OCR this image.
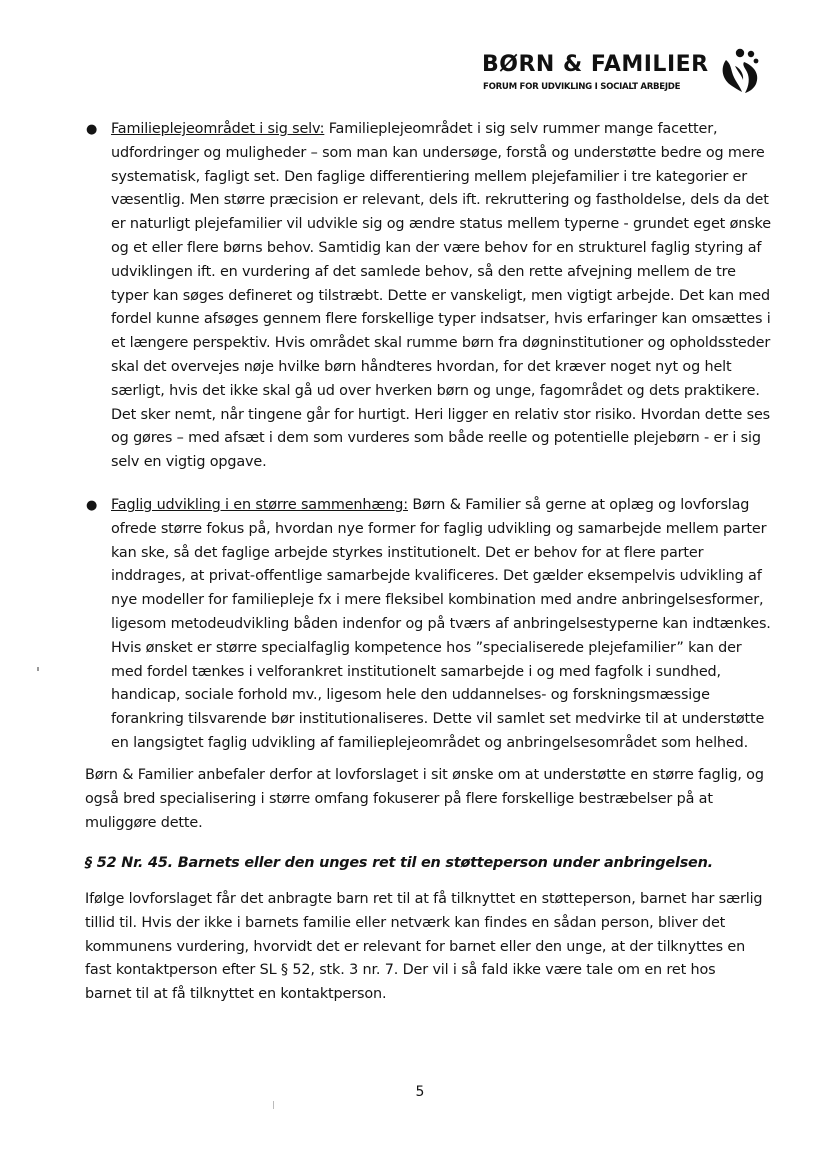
BØRN & FAMILIER
FORUM FOR UDVIKLING I SOCIALT ARBEJDE
● Familieplejeområdet i sig selv: Familieplejeområdet i sig selv rummer mange facetter, udfordringer og muligheder – som man kan undersøge, forstå og understøtte bedre og mere systematisk, fagligt set. Den faglige differentiering mellem plejefamilier i tre kategorier er væsentlig. Men større præcision er relevant, dels ift. rekruttering og fastholdelse, dels da det er naturligt plejefamilier vil udvikle sig og ændre status mellem typerne - grundet eget ønske og et eller flere børns behov. Samtidig kan der være behov for en strukturel faglig styring af udviklingen ift. en vurdering af det samlede behov, så den rette afvejning mellem de tre typer kan søges defineret og tilstræbt. Dette er vanskeligt, men vigtigt arbejde. Det kan med fordel kunne afsøges gennem flere forskellige typer indsatser, hvis erfaringer kan omsættes i et længere perspektiv. Hvis området skal rumme børn fra døgninstitutioner og opholdssteder skal det overvejes nøje hvilke børn håndteres hvordan, for det kræver noget nyt og helt særligt, hvis det ikke skal gå ud over hverken børn og unge, fagområdet og dets praktikere. Det sker nemt, når tingene går for hurtigt. Heri ligger en relativ stor risiko. Hvordan dette ses og gøres – med afsæt i dem som vurderes som både reelle og potentielle plejebørn - er i sig selv en vigtig opgave.
● Faglig udvikling i en større sammenhæng: Børn & Familier så gerne at oplæg og lovforslag ofrede større fokus på, hvordan nye former for faglig udvikling og samarbejde mellem parter kan ske, så det faglige arbejde styrkes institutionelt. Det er behov for at flere parter inddrages, at privat-offentlige samarbejde kvalificeres. Det gælder eksempelvis udvikling af nye modeller for familiepleje fx i mere fleksibel kombination med andre anbringelsesformer, ligesom metodeudvikling båden indenfor og på tværs af anbringelsestyperne kan indtænkes.
Hvis ønsket er større specialfaglig kompetence hos ”specialiserede plejefamilier” kan der med fordel tænkes i velforankret institutionelt samarbejde i og med fagfolk i sundhed, handicap, sociale forhold mv., ligesom hele den uddannelses- og forskningsmæssige forankring tilsvarende bør institutionaliseres. Dette vil samlet set medvirke til at understøtte en langsigtet faglig udvikling af familieplejeområdet og anbringelsesområdet som helhed.
Børn & Familier anbefaler derfor at lovforslaget i sit ønske om at understøtte en større faglig, og også bred specialisering i større omfang fokuserer på flere forskellige bestræbelser på at muliggøre dette.
§ 52 Nr. 45. Barnets eller den unges ret til en støtteperson under anbringelsen.
Ifølge lovforslaget får det anbragte barn ret til at få tilknyttet en støtteperson, barnet har særlig tillid til. Hvis der ikke i barnets familie eller netværk kan findes en sådan person, bliver det kommunens vurdering, hvorvidt det er relevant for barnet eller den unge, at der tilknyttes en fast kontaktperson efter SL § 52, stk. 3 nr. 7. Der vil i så fald ikke være tale om en ret hos barnet til at få tilknyttet en kontaktperson.
5
